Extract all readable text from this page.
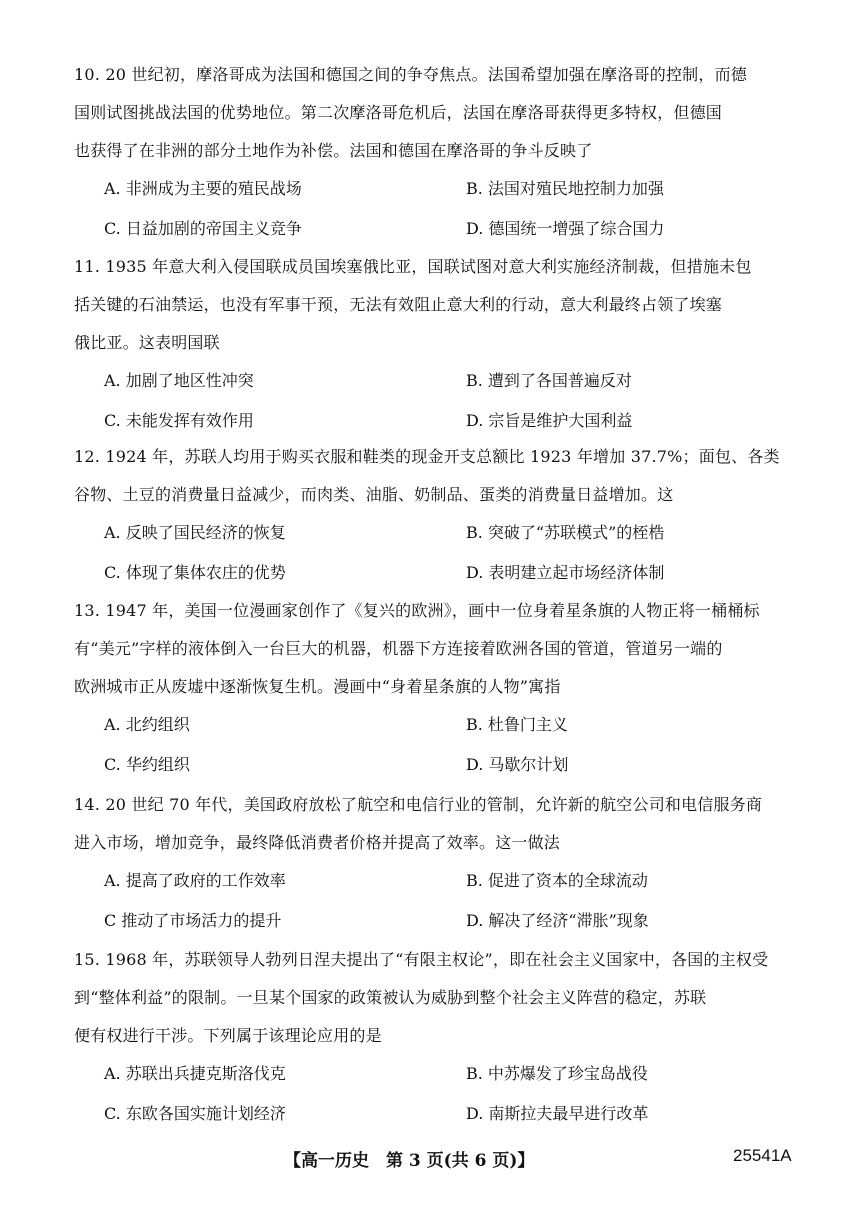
10. 20 世纪初，摩洛哥成为法国和德国之间的争夺焦点。法国希望加强在摩洛哥的控制，而德
国则试图挑战法国的优势地位。第二次摩洛哥危机后，法国在摩洛哥获得更多特权，但德国
也获得了在非洲的部分土地作为补偿。法国和德国在摩洛哥的争斗反映了
A. 非洲成为主要的殖民战场	B. 法国对殖民地控制力加强
C. 日益加剧的帝国主义竞争	D. 德国统一增强了综合国力
11. 1935 年意大利入侵国联成员国埃塞俄比亚，国联试图对意大利实施经济制裁，但措施未包
括关键的石油禁运，也没有军事干预，无法有效阻止意大利的行动，意大利最终占领了埃塞
俄比亚。这表明国联
A. 加剧了地区性冲突	B. 遭到了各国普遍反对
C. 未能发挥有效作用	D. 宗旨是维护大国利益
12. 1924 年，苏联人均用于购买衣服和鞋类的现金开支总额比 1923 年增加 37.7%；面包、各类
谷物、土豆的消费量日益减少，而肉类、油脂、奶制品、蛋类的消费量日益增加。这
A. 反映了国民经济的恢复	B. 突破了“苏联模式”的桎梏
C. 体现了集体农庄的优势	D. 表明建立起市场经济体制
13. 1947 年，美国一位漫画家创作了《复兴的欧洲》，画中一位身着星条旗的人物正将一桶桶标
有“美元”字样的液体倒入一台巨大的机器，机器下方连接着欧洲各国的管道，管道另一端的
欧洲城市正从废墟中逐渐恢复生机。漫画中“身着星条旗的人物”寓指
A. 北约组织	B. 杜鲁门主义
C. 华约组织	D. 马歇尔计划
14. 20 世纪 70 年代，美国政府放松了航空和电信行业的管制，允许新的航空公司和电信服务商
进入市场，增加竞争，最终降低消费者价格并提高了效率。这一做法
A. 提高了政府的工作效率	B. 促进了资本的全球流动
C 推动了市场活力的提升	D. 解决了经济“滞胀”现象
15. 1968 年，苏联领导人勃列日涅夫提出了“有限主权论”，即在社会主义国家中，各国的主权受
到“整体利益”的限制。一旦某个国家的政策被认为威胁到整个社会主义阵营的稳定，苏联
便有权进行干涉。下列属于该理论应用的是
A. 苏联出兵捷克斯洛伐克	B. 中苏爆发了珍宝岛战役
C. 东欧各国实施计划经济	D. 南斯拉夫最早进行改革
【高一历史　第 3 页(共 6 页)】	25541A
